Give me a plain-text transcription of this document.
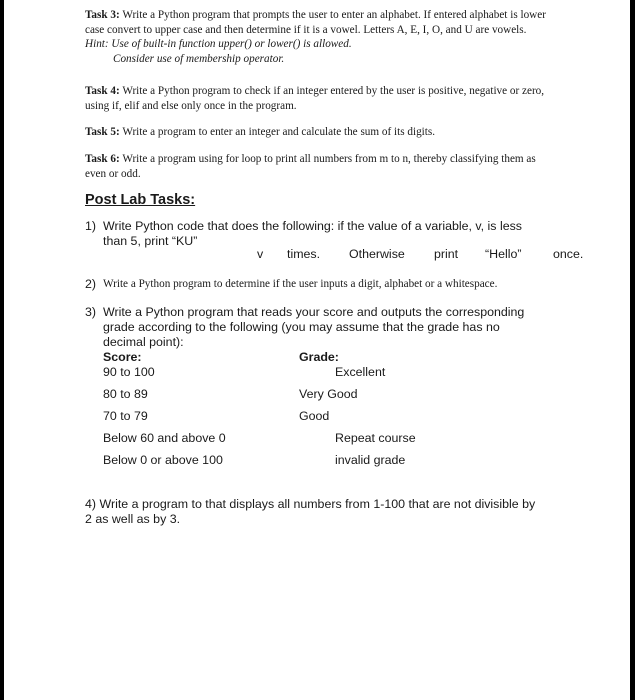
Task 3: Write a Python program that prompts the user to enter an alphabet. If entered alphabet is lower
case convert to upper case and then determine if it is a vowel. Letters A, E, I, O, and U are vowels.
Hint: Use of built-in function upper() or lower() is allowed.
Consider use of membership operator.
Task 4: Write a Python program to check if an integer entered by the user is positive, negative or zero,
using if, elif and else only once in the program.
Task 5: Write a program to enter an integer and calculate the sum of its digits.
Task 6: Write a program using for loop to print all numbers from m to n, thereby classifying them as
even or odd.
Post Lab Tasks:
1) Write Python code that does the following: if the value of a variable, v, is less
than 5, print “KU”
v times. Otherwise print “Hello”	once.
2) Write a Python program to determine if the user inputs a digit, alphabet or a whitespace.
3) Write a Python program that reads your score and outputs the corresponding
grade according to the following (you may assume that the grade has no
decimal point):
Score:	Grade:
90 to 100	Excellent
80 to 89	Very Good
70 to 79	Good
Below 60 and above 0	Repeat course
Below 0 or above 100	invalid grade
4) Write a program to that displays all numbers from 1-100 that are not divisible by
2 as well as by 3.
